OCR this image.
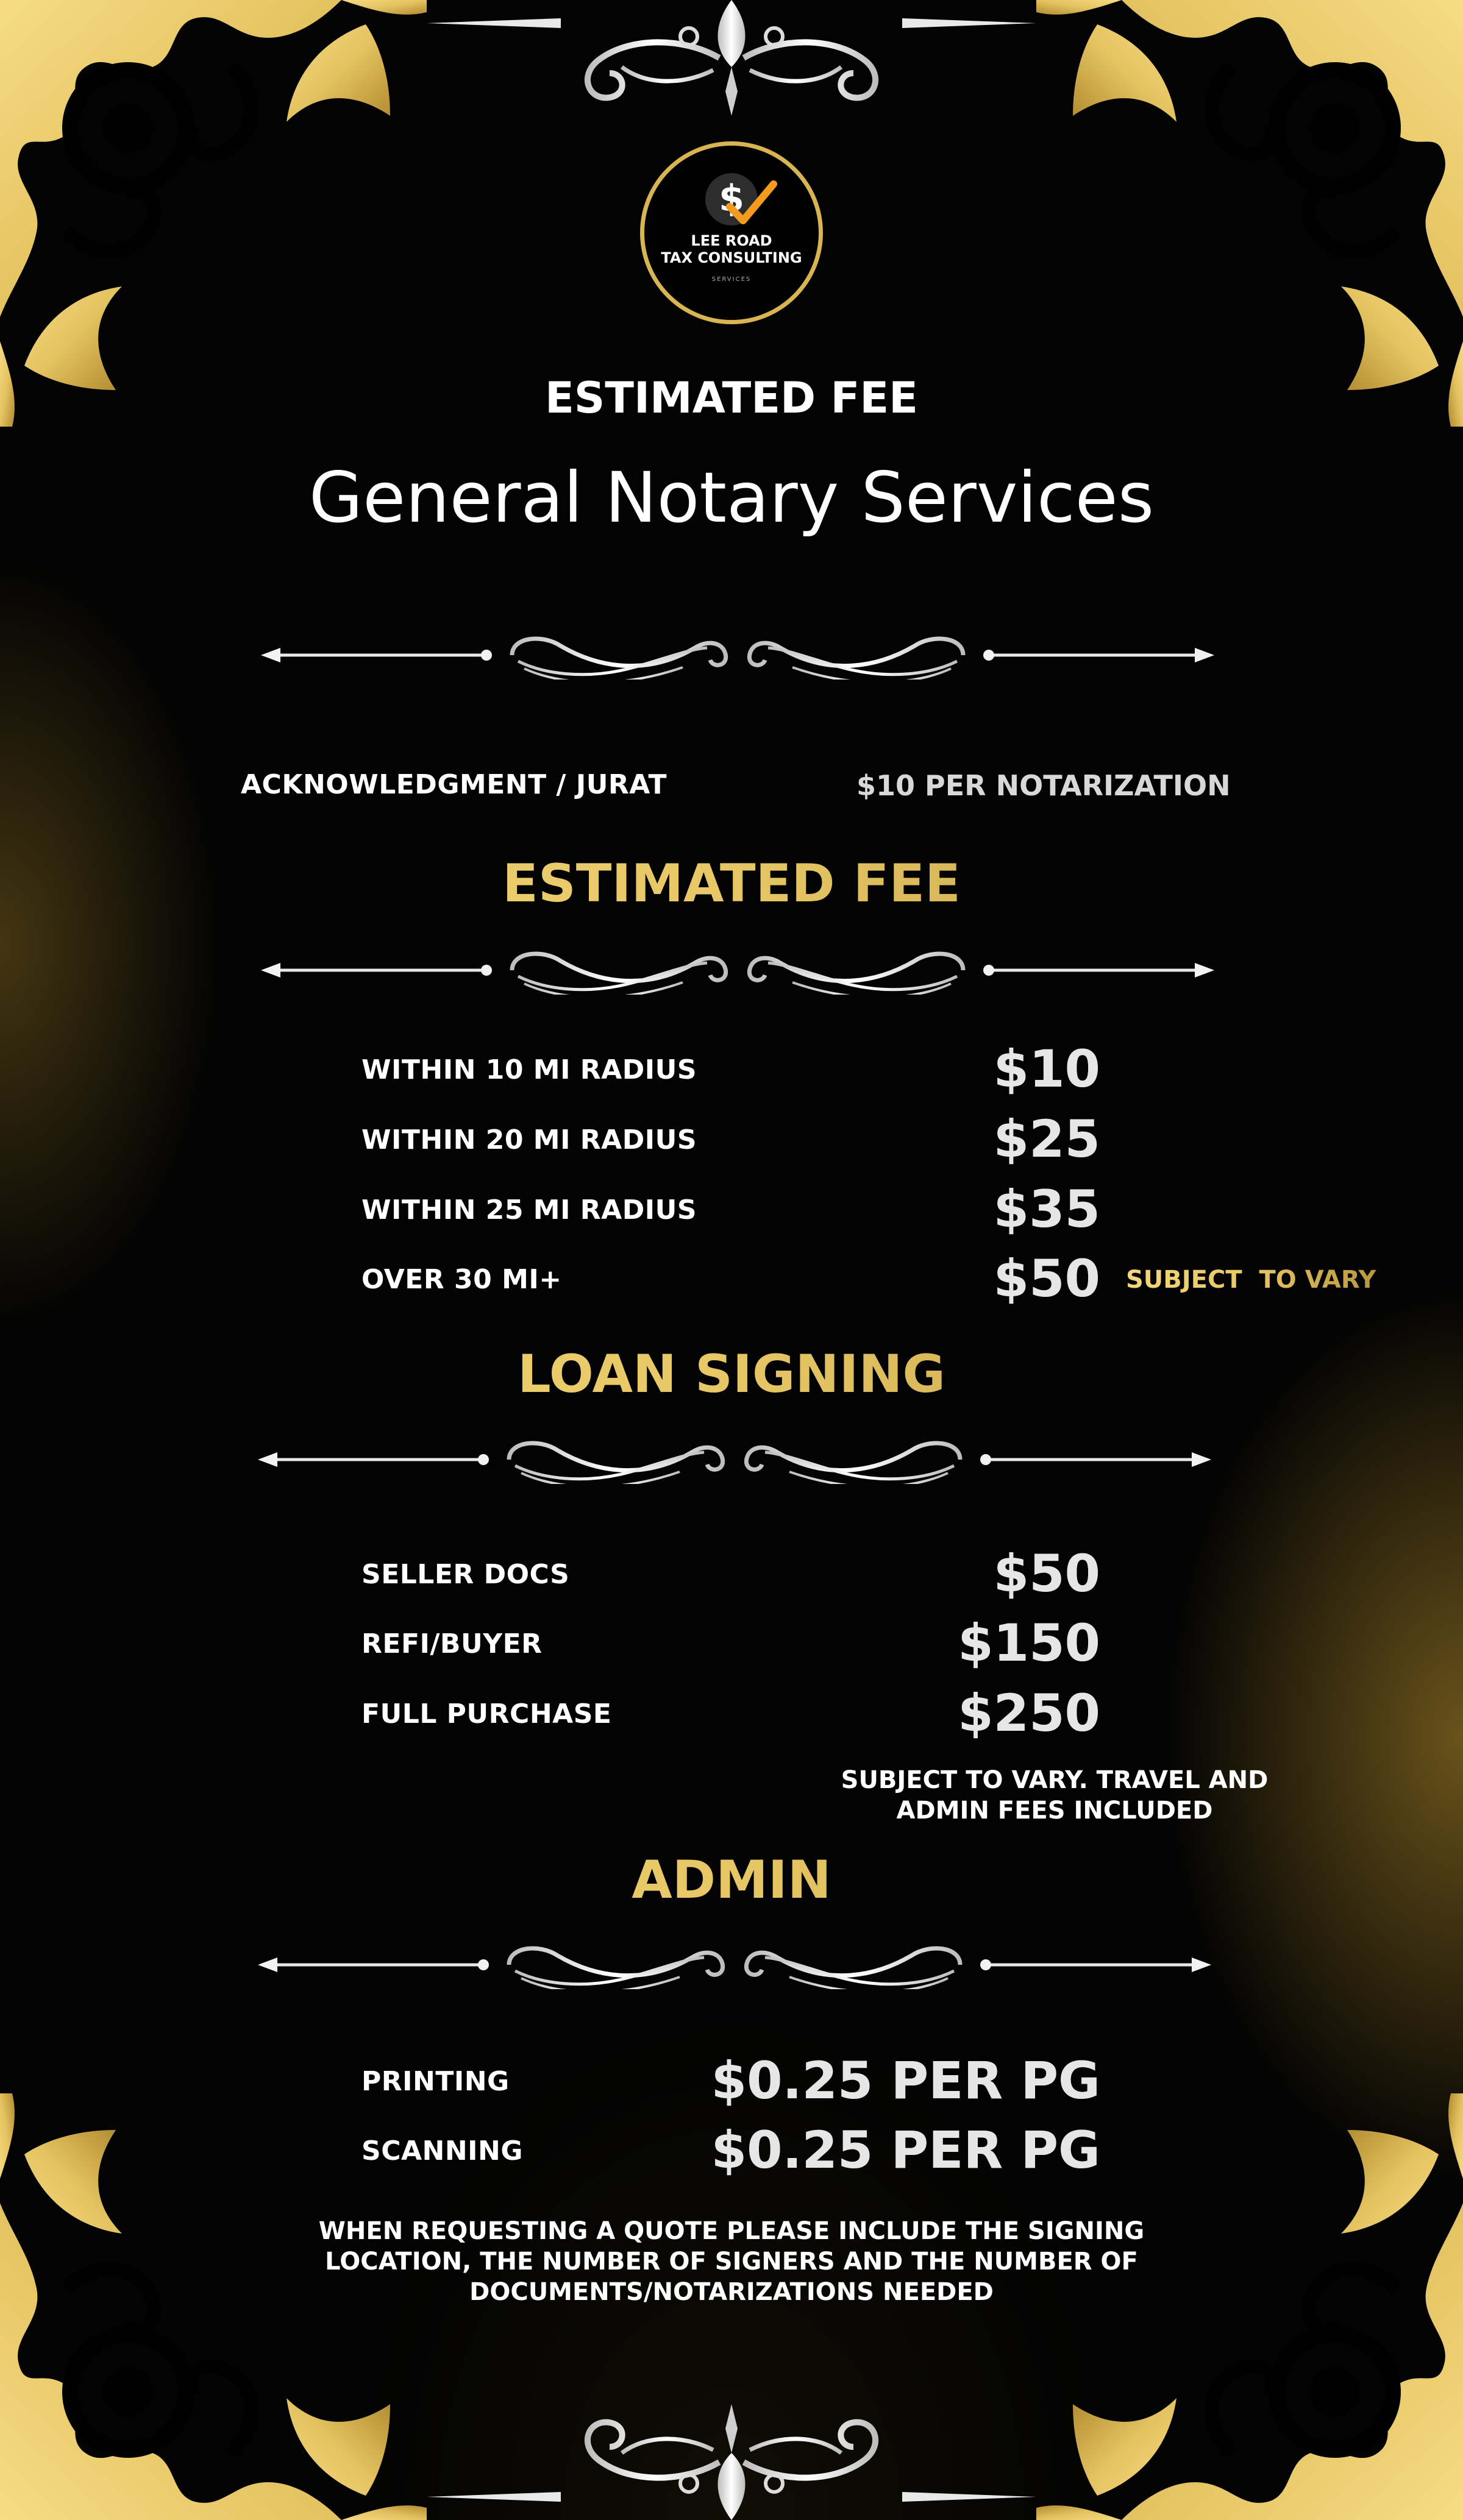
$
LEE ROAD
TAX CONSULTING
SERVICES
ESTIMATED FEE
General Notary Services
ACKNOWLEDGMENT / JURAT	$10 PER NOTARIZATION
ESTIMATED FEE
WITHIN 10 MI RADIUS	$10
WITHIN 20 MI RADIUS	$25
WITHIN 25 MI RADIUS	$35
OVER 30 MI+	$50 SUBJECT  TO VARY
LOAN SIGNING
SELLER DOCS	$50
REFI/BUYER	$150
FULL PURCHASE	$250
SUBJECT TO VARY. TRAVEL AND
ADMIN FEES INCLUDED
ADMIN
PRINTING	$0.25 PER PG
SCANNING	$0.25 PER PG
WHEN REQUESTING A QUOTE PLEASE INCLUDE THE SIGNING
LOCATION, THE NUMBER OF SIGNERS AND THE NUMBER OF
DOCUMENTS/NOTARIZATIONS NEEDED
